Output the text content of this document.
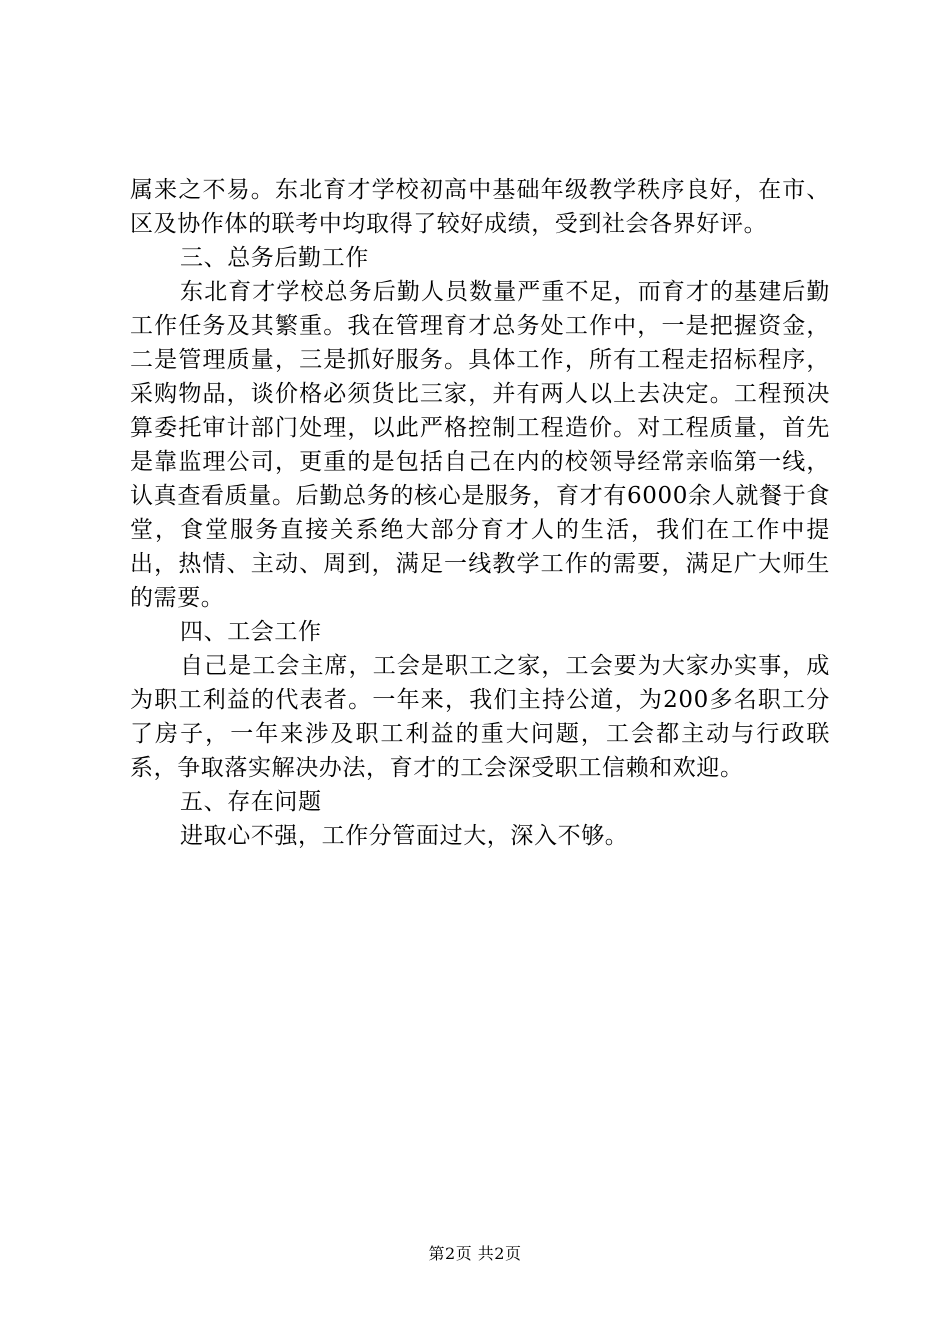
属来之不易。东北育才学校初高中基础年级教学秩序良好，在市、区及协作体的联考中均取得了较好成绩，受到社会各界好评。

三、总务后勤工作

东北育才学校总务后勤人员数量严重不足，而育才的基建后勤工作任务及其繁重。我在管理育才总务处工作中，一是把握资金，二是管理质量，三是抓好服务。具体工作，所有工程走招标程序，采购物品，谈价格必须货比三家，并有两人以上去决定。工程预决算委托审计部门处理，以此严格控制工程造价。对工程质量，首先是靠监理公司，更重的是包括自己在内的校领导经常亲临第一线，认真查看质量。后勤总务的核心是服务，育才有6000余人就餐于食堂，食堂服务直接关系绝大部分育才人的生活，我们在工作中提出，热情、主动、周到，满足一线教学工作的需要，满足广大师生的需要。

四、工会工作

自己是工会主席，工会是职工之家，工会要为大家办实事，成为职工利益的代表者。一年来，我们主持公道，为200多名职工分了房子，一年来涉及职工利益的重大问题，工会都主动与行政联系，争取落实解决办法，育才的工会深受职工信赖和欢迎。

五、存在问题

进取心不强，工作分管面过大，深入不够。

第2页 共2页
